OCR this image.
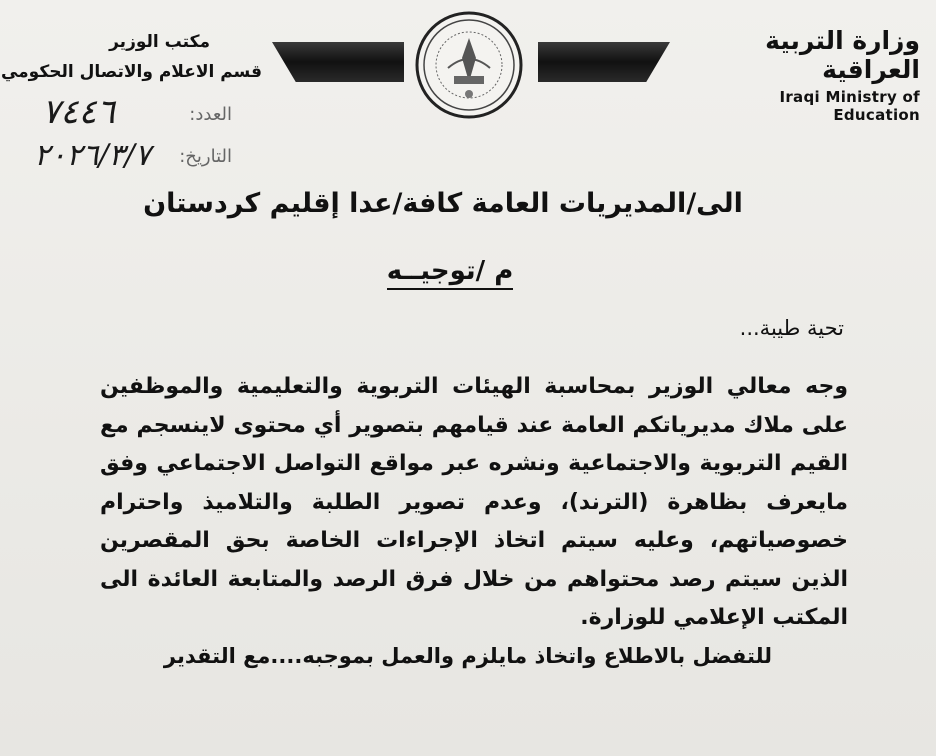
وزارة التربية العراقية
Iraqi Ministry of Education
مكتب الوزير
قسم الاعلام والاتصال الحكومي
العدد:
٧٤٤٦
التاريخ:
٢٠٢٦/٣/٧
الى/المديريات العامة كافة/عدا إقليم كردستان
م /توجيــه
تحية طيبة...
وجه معالي الوزير بمحاسبة الهيئات التربوية والتعليمية والموظفين على ملاك مديرياتكم العامة عند قيامهم بتصوير أي محتوى لاينسجم مع القيم التربوية والاجتماعية ونشره عبر مواقع التواصل الاجتماعي وفق مايعرف بظاهرة (الترند)، وعدم تصوير الطلبة والتلاميذ واحترام خصوصياتهم، وعليه سيتم اتخاذ الإجراءات الخاصة بحق المقصرين الذين سيتم رصد محتواهم من خلال فرق الرصد والمتابعة العائدة الى المكتب الإعلامي للوزارة.
للتفضل بالاطلاع واتخاذ مايلزم والعمل بموجبه....مع التقدير
